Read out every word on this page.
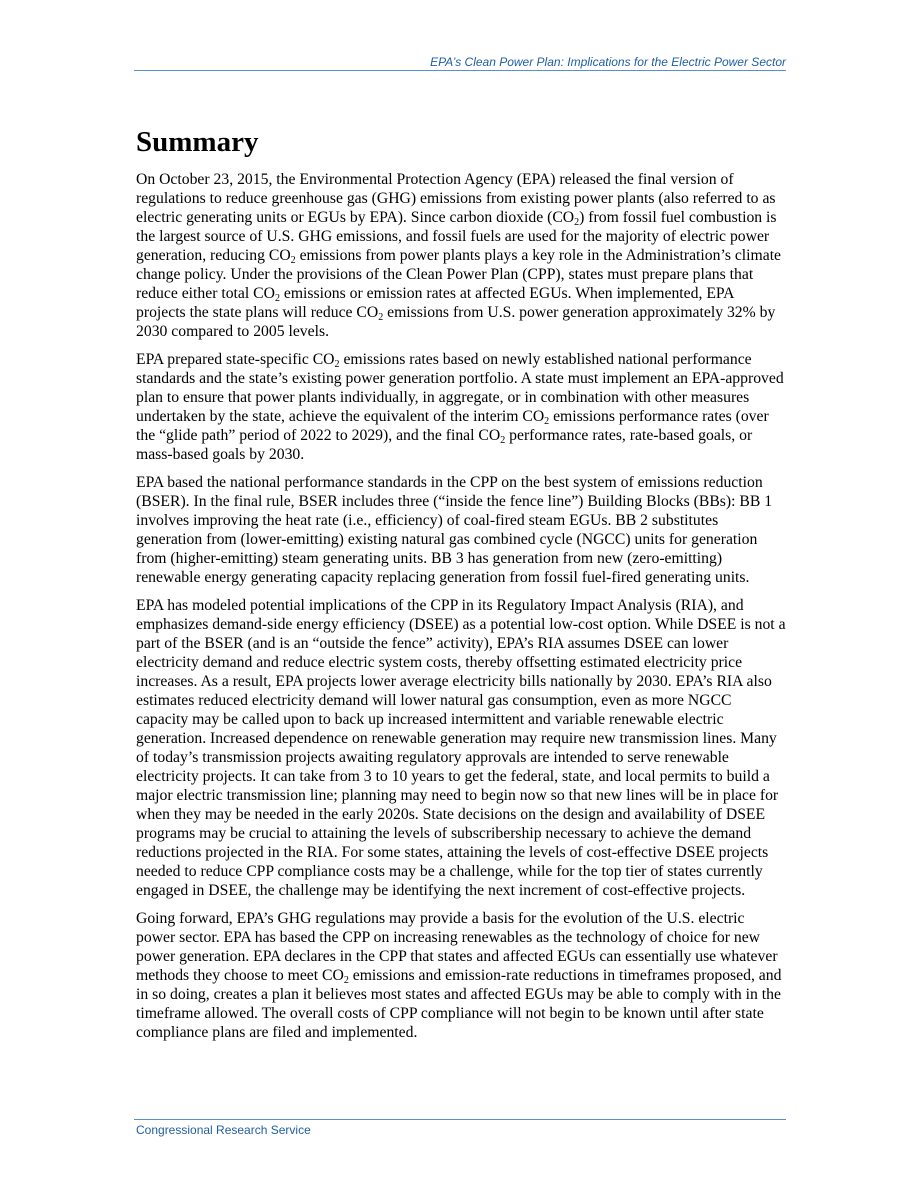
EPA’s Clean Power Plan: Implications for the Electric Power Sector
Summary

On October 23, 2015, the Environmental Protection Agency (EPA) released the final version of regulations to reduce greenhouse gas (GHG) emissions from existing power plants (also referred to as electric generating units or EGUs by EPA). Since carbon dioxide $(CO_2)$ from fossil fuel combustion is the largest source of U.S. GHG emissions, and fossil fuels are used for the majority of electric power generation, reducing $CO_2$ emissions from power plants plays a key role in the Administration’s climate change policy. Under the provisions of the Clean Power Plan (CPP), states must prepare plans that reduce either total $CO_2$ emissions or emission rates at affected EGUs. When implemented, EPA projects the state plans will reduce $CO_2$ emissions from U.S. power generation approximately 32% by 2030 compared to 2005 levels.

EPA prepared state-specific $CO_2$ emissions rates based on newly established national performance standards and the state’s existing power generation portfolio. A state must implement an EPA-approved plan to ensure that power plants individually, in aggregate, or in combination with other measures undertaken by the state, achieve the equivalent of the interim $CO_2$ emissions performance rates (over the “glide path” period of 2022 to 2029), and the final $CO_2$ performance rates, rate-based goals, or mass-based goals by 2030.

EPA based the national performance standards in the CPP on the best system of emissions reduction (BSER). In the final rule, BSER includes three (“inside the fence line”) Building Blocks (BBs): BB 1 involves improving the heat rate (i.e., efficiency) of coal-fired steam EGUs. BB 2 substitutes generation from (lower-emitting) existing natural gas combined cycle (NGCC) units for generation from (higher-emitting) steam generating units. BB 3 has generation from new (zero-emitting) renewable energy generating capacity replacing generation from fossil fuel-fired generating units.

EPA has modeled potential implications of the CPP in its Regulatory Impact Analysis (RIA), and emphasizes demand-side energy efficiency (DSEE) as a potential low-cost option. While DSEE is not a part of the BSER (and is an “outside the fence” activity), EPA’s RIA assumes DSEE can lower electricity demand and reduce electric system costs, thereby offsetting estimated electricity price increases. As a result, EPA projects lower average electricity bills nationally by 2030. EPA’s RIA also estimates reduced electricity demand will lower natural gas consumption, even as more NGCC capacity may be called upon to back up increased intermittent and variable renewable electric generation. Increased dependence on renewable generation may require new transmission lines. Many of today’s transmission projects awaiting regulatory approvals are intended to serve renewable electricity projects. It can take from 3 to 10 years to get the federal, state, and local permits to build a major electric transmission line; planning may need to begin now so that new lines will be in place for when they may be needed in the early 2020s. State decisions on the design and availability of DSEE programs may be crucial to attaining the levels of subscribership necessary to achieve the demand reductions projected in the RIA. For some states, attaining the levels of cost-effective DSEE projects needed to reduce CPP compliance costs may be a challenge, while for the top tier of states currently engaged in DSEE, the challenge may be identifying the next increment of cost-effective projects.

Going forward, EPA’s GHG regulations may provide a basis for the evolution of the U.S. electric power sector. EPA has based the CPP on increasing renewables as the technology of choice for new power generation. EPA declares in the CPP that states and affected EGUs can essentially use whatever methods they choose to meet $CO_2$ emissions and emission-rate reductions in timeframes proposed, and in so doing, creates a plan it believes most states and affected EGUs may be able to comply with in the timeframe allowed. The overall costs of CPP compliance will not begin to be known until after state compliance plans are filed and implemented.

Congressional Research Service
